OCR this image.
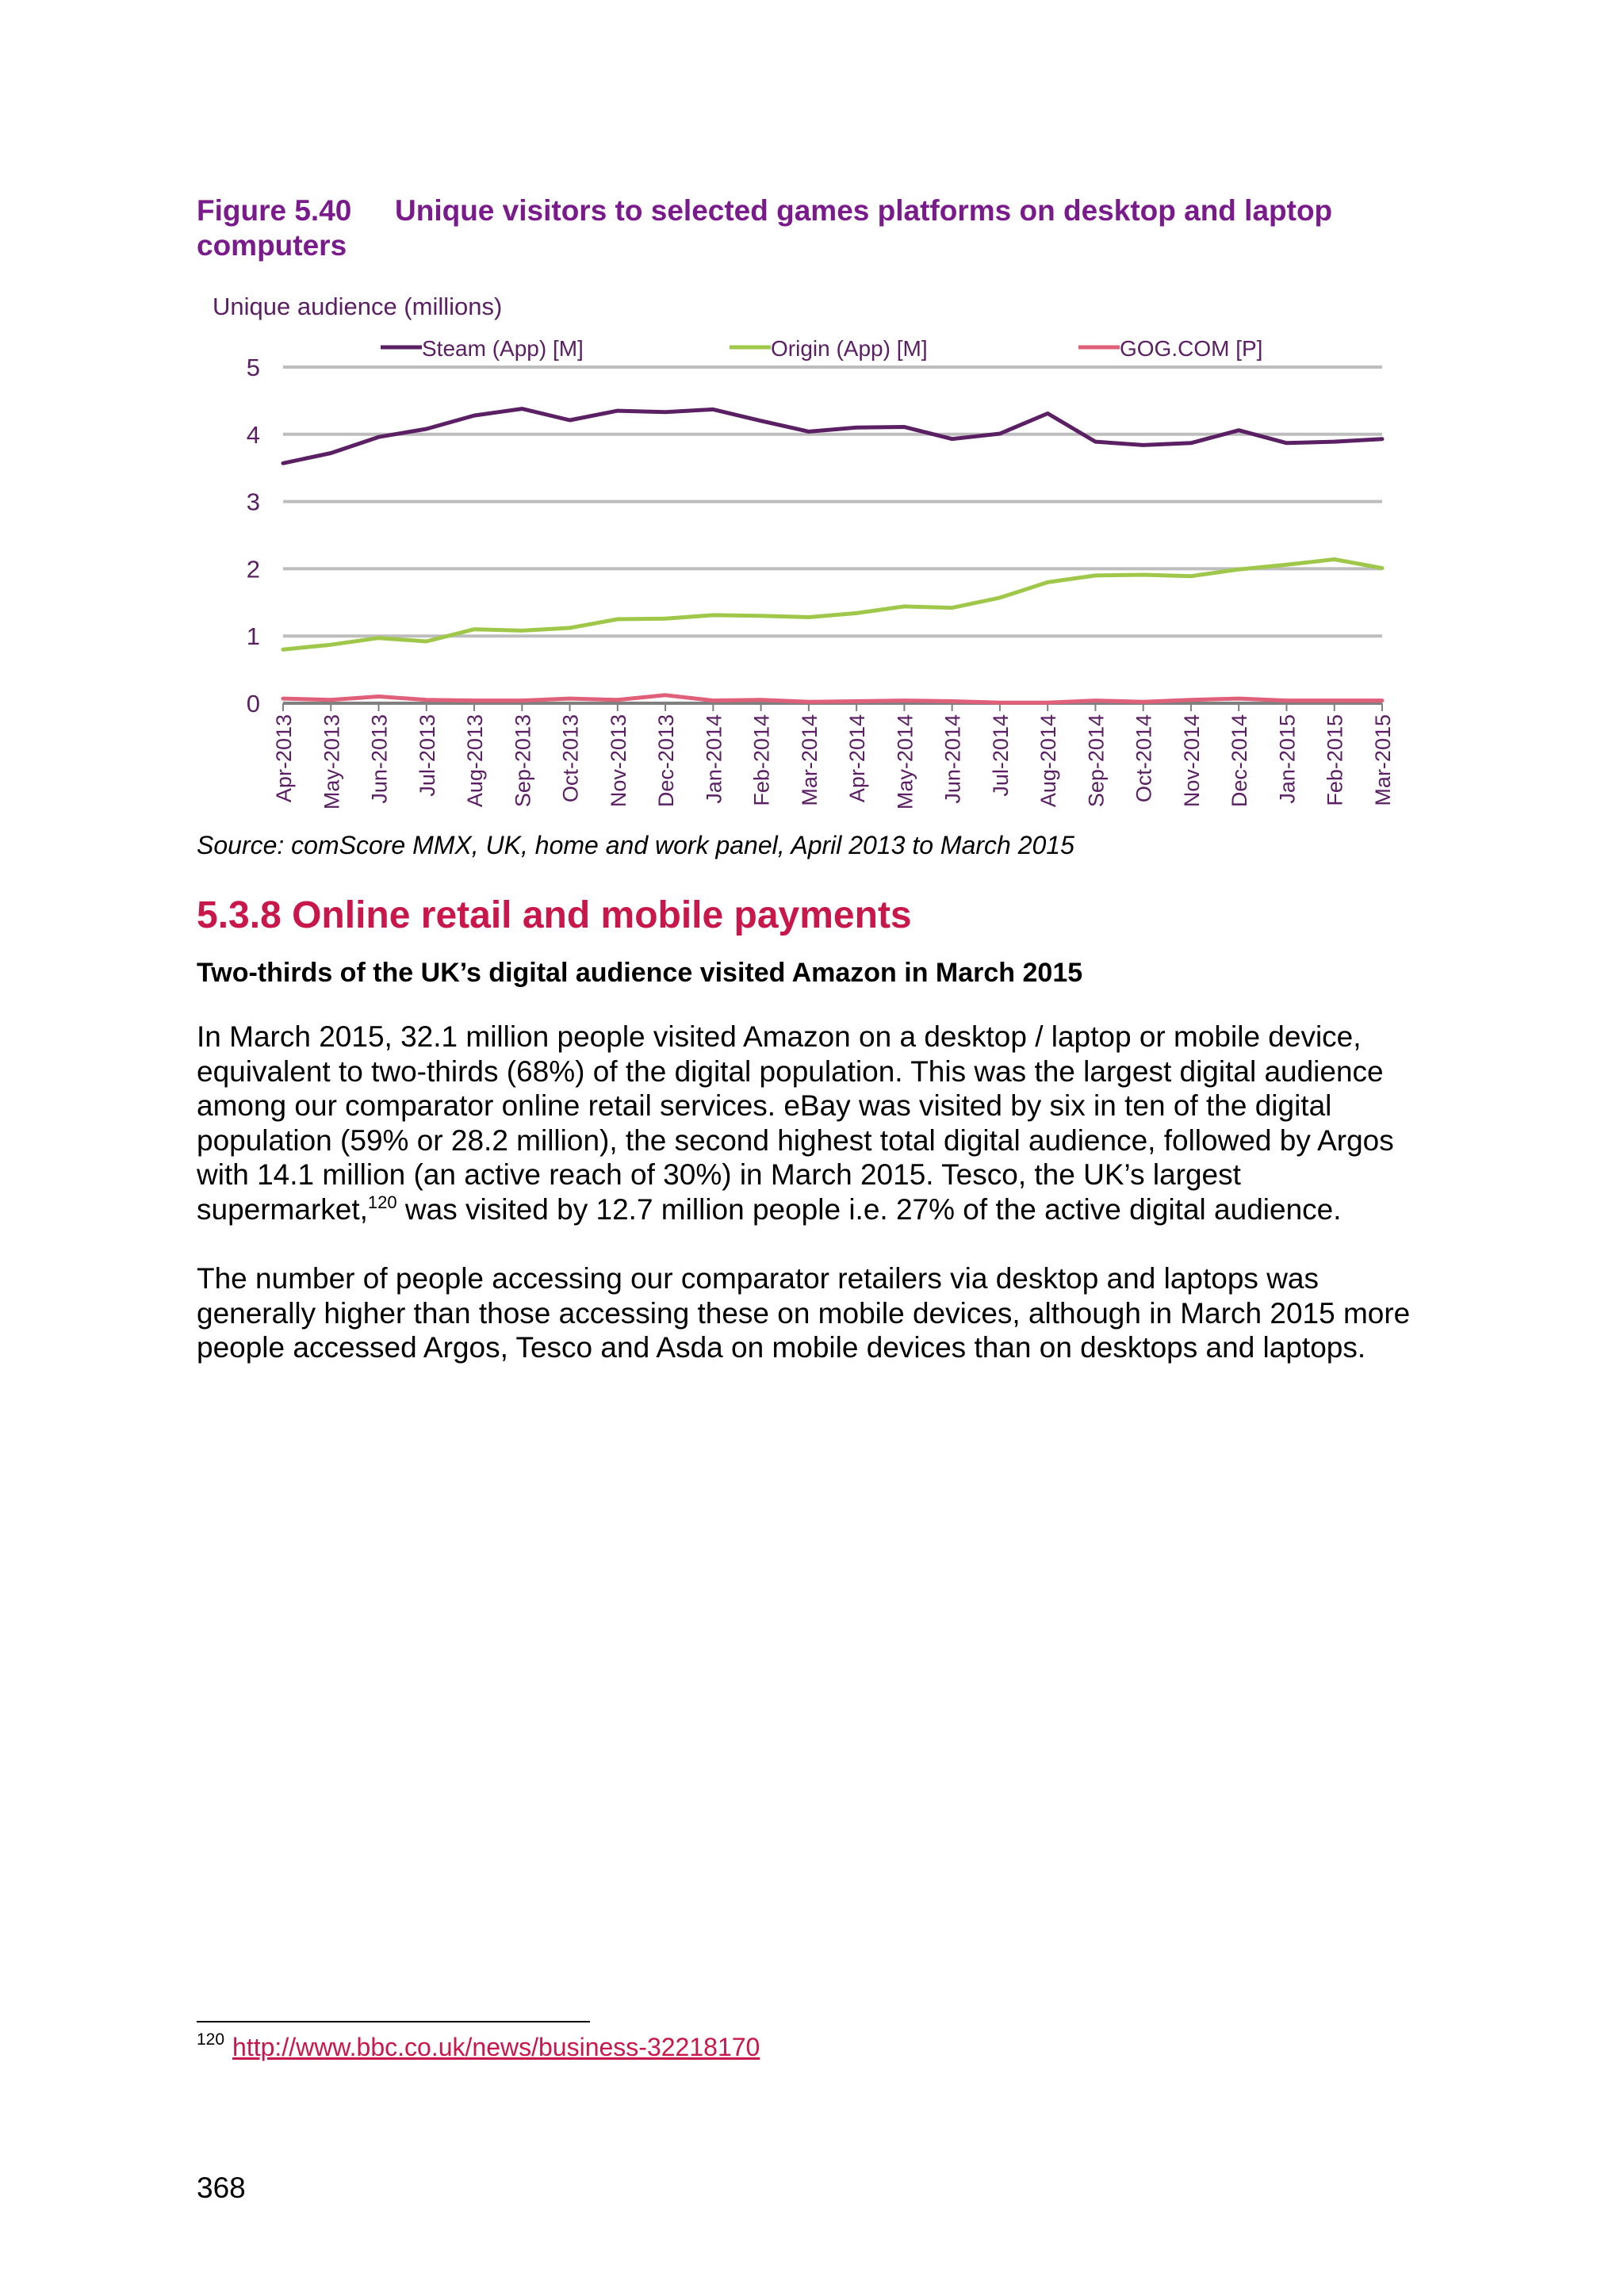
Figure 5.40 Unique visitors to selected games platforms on desktop and laptop computers
Unique audience (millions)
0
1
2
3
4
5
Apr-2013 May-2013 Jun-2013 Jul-2013 Aug-2013 Sep-2013 Oct-2013 Nov-2013 Dec-2013 Jan-2014 Feb-2014 Mar-2014 Apr-2014 May-2014 Jun-2014 Jul-2014 Aug-2014 Sep-2014 Oct-2014 Nov-2014 Dec-2014 Jan-2015 Feb-2015 Mar-2015
Steam (App) [M]	Origin (App) [M]	GOG.COM [P]
Source: comScore MMX, UK, home and work panel, April 2013 to March 2015
5.3.8 Online retail and mobile payments
Two-thirds of the UK’s digital audience visited Amazon in March 2015

In March 2015, 32.1 million people visited Amazon on a desktop / laptop or mobile device, equivalent to two-thirds (68%) of the digital population. This was the largest digital audience among our comparator online retail services. eBay was visited by six in ten of the digital population (59% or 28.2 million), the second highest total digital audience, followed by Argos with 14.1 million (an active reach of 30%) in March 2015. Tesco, the UK’s largest supermarket,$^{120}$ was visited by 12.7 million people i.e. 27% of the active digital audience.

The number of people accessing our comparator retailers via desktop and laptops was generally higher than those accessing these on mobile devices, although in March 2015 more people accessed Argos, Tesco and Asda on mobile devices than on desktops and laptops.

$^{120}$ http://www.bbc.co.uk/news/business-32218170
368
